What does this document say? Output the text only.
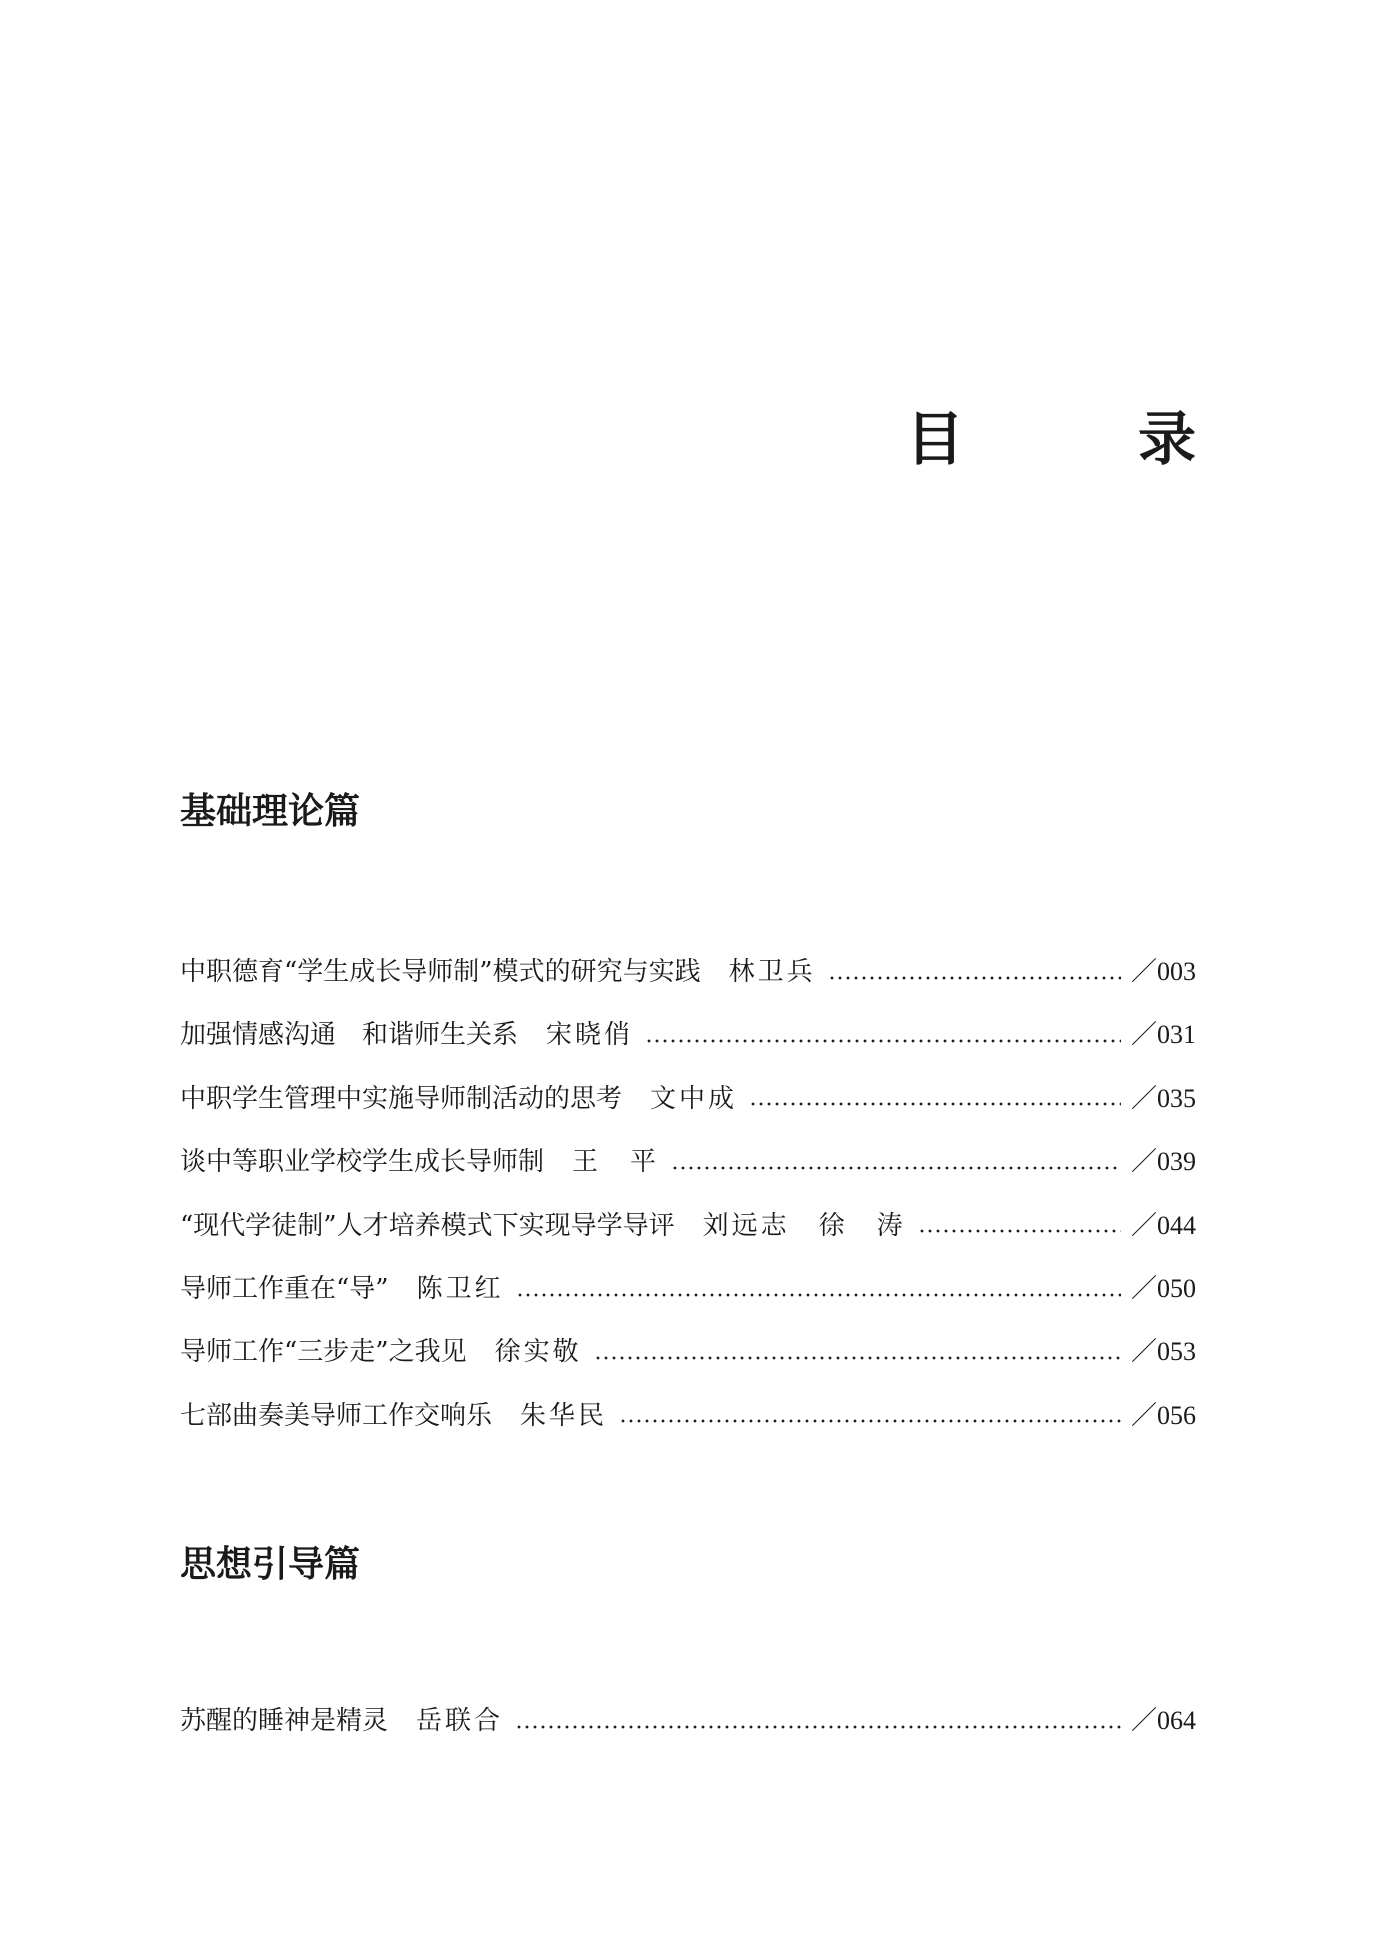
目　录
基础理论篇
中职德育“学生成长导师制”模式的研究与实践 林卫兵	／003
加强情感沟通　和谐师生关系 宋晓俏	／031
中职学生管理中实施导师制活动的思考 文中成	／035
谈中等职业学校学生成长导师制 王　平	／039
“现代学徒制”人才培养模式下实现导学导评 刘远志　徐　涛	／044
导师工作重在“导” 陈卫红	／050
导师工作“三步走”之我见 徐实敬	／053
七部曲奏美导师工作交响乐 朱华民	／056
思想引导篇
苏醒的睡神是精灵 岳联合	／064
